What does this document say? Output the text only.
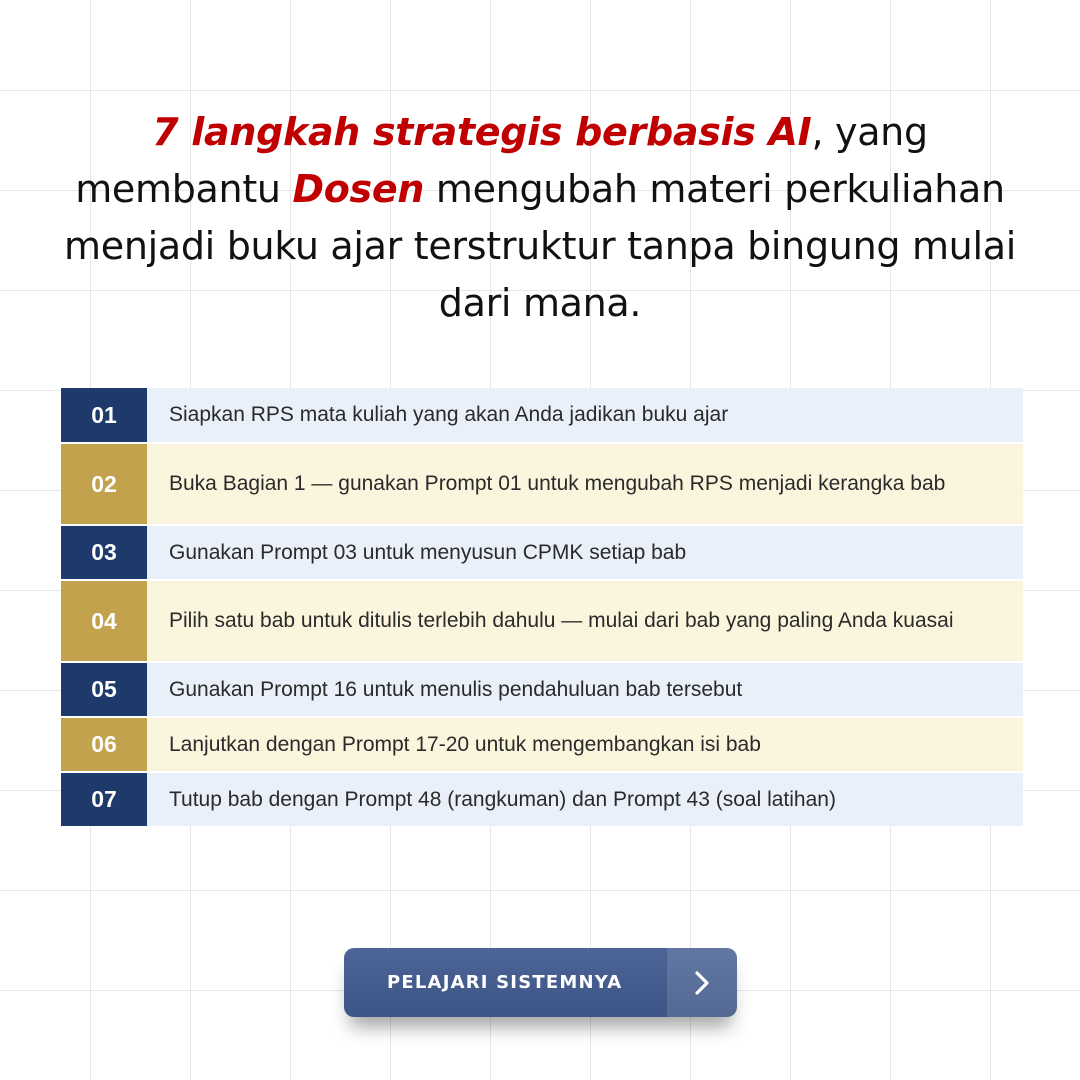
7 langkah strategis berbasis AI, yang membantu Dosen mengubah materi perkuliahan menjadi buku ajar terstruktur tanpa bingung mulai dari mana.
01	Siapkan RPS mata kuliah yang akan Anda jadikan buku ajar
02	Buka Bagian 1 — gunakan Prompt 01 untuk mengubah RPS menjadi kerangka bab
03	Gunakan Prompt 03 untuk menyusun CPMK setiap bab
04	Pilih satu bab untuk ditulis terlebih dahulu — mulai dari bab yang paling Anda kuasai
05	Gunakan Prompt 16 untuk menulis pendahuluan bab tersebut
06	Lanjutkan dengan Prompt 17-20 untuk mengembangkan isi bab
07	Tutup bab dengan Prompt 48 (rangkuman) dan Prompt 43 (soal latihan)
PELAJARI SISTEMNYA
